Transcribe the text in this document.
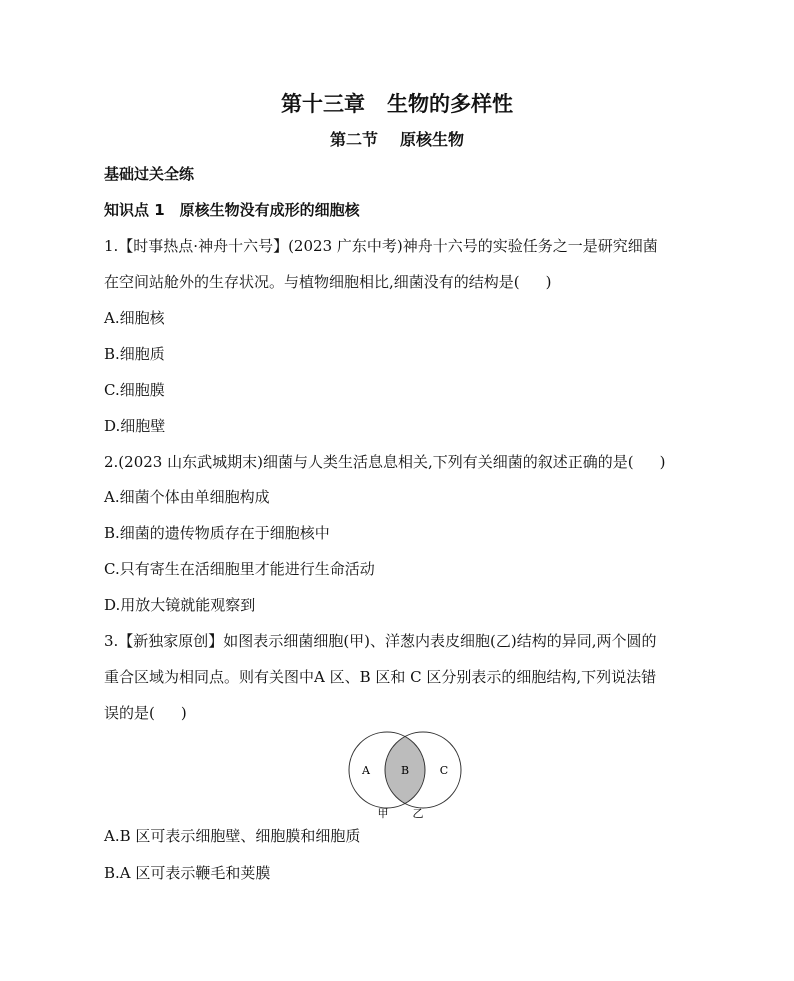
第十三章 生物的多样性
第二节 原核生物
基础过关全练
知识点 1　原核生物没有成形的细胞核
1.【时事热点·神舟十六号】(2023 广东中考)神舟十六号的实验任务之一是研究细菌
在空间站舱外的生存状况。与植物细胞相比,细菌没有的结构是( )
A.细胞核
B.细胞质
C.细胞膜
D.细胞壁
2.(2023 山东武城期末)细菌与人类生活息息相关,下列有关细菌的叙述正确的是( )
A.细菌个体由单细胞构成
B.细菌的遗传物质存在于细胞核中
C.只有寄生在活细胞里才能进行生命活动
D.用放大镜就能观察到
3.【新独家原创】如图表示细菌细胞(甲)、洋葱内表皮细胞(乙)结构的异同,两个圆的
重合区域为相同点。则有关图中A 区、B 区和 C 区分别表示的细胞结构,下列说法错
误的是( )
A	B	C
甲 乙
A.B 区可表示细胞壁、细胞膜和细胞质
B.A 区可表示鞭毛和荚膜
